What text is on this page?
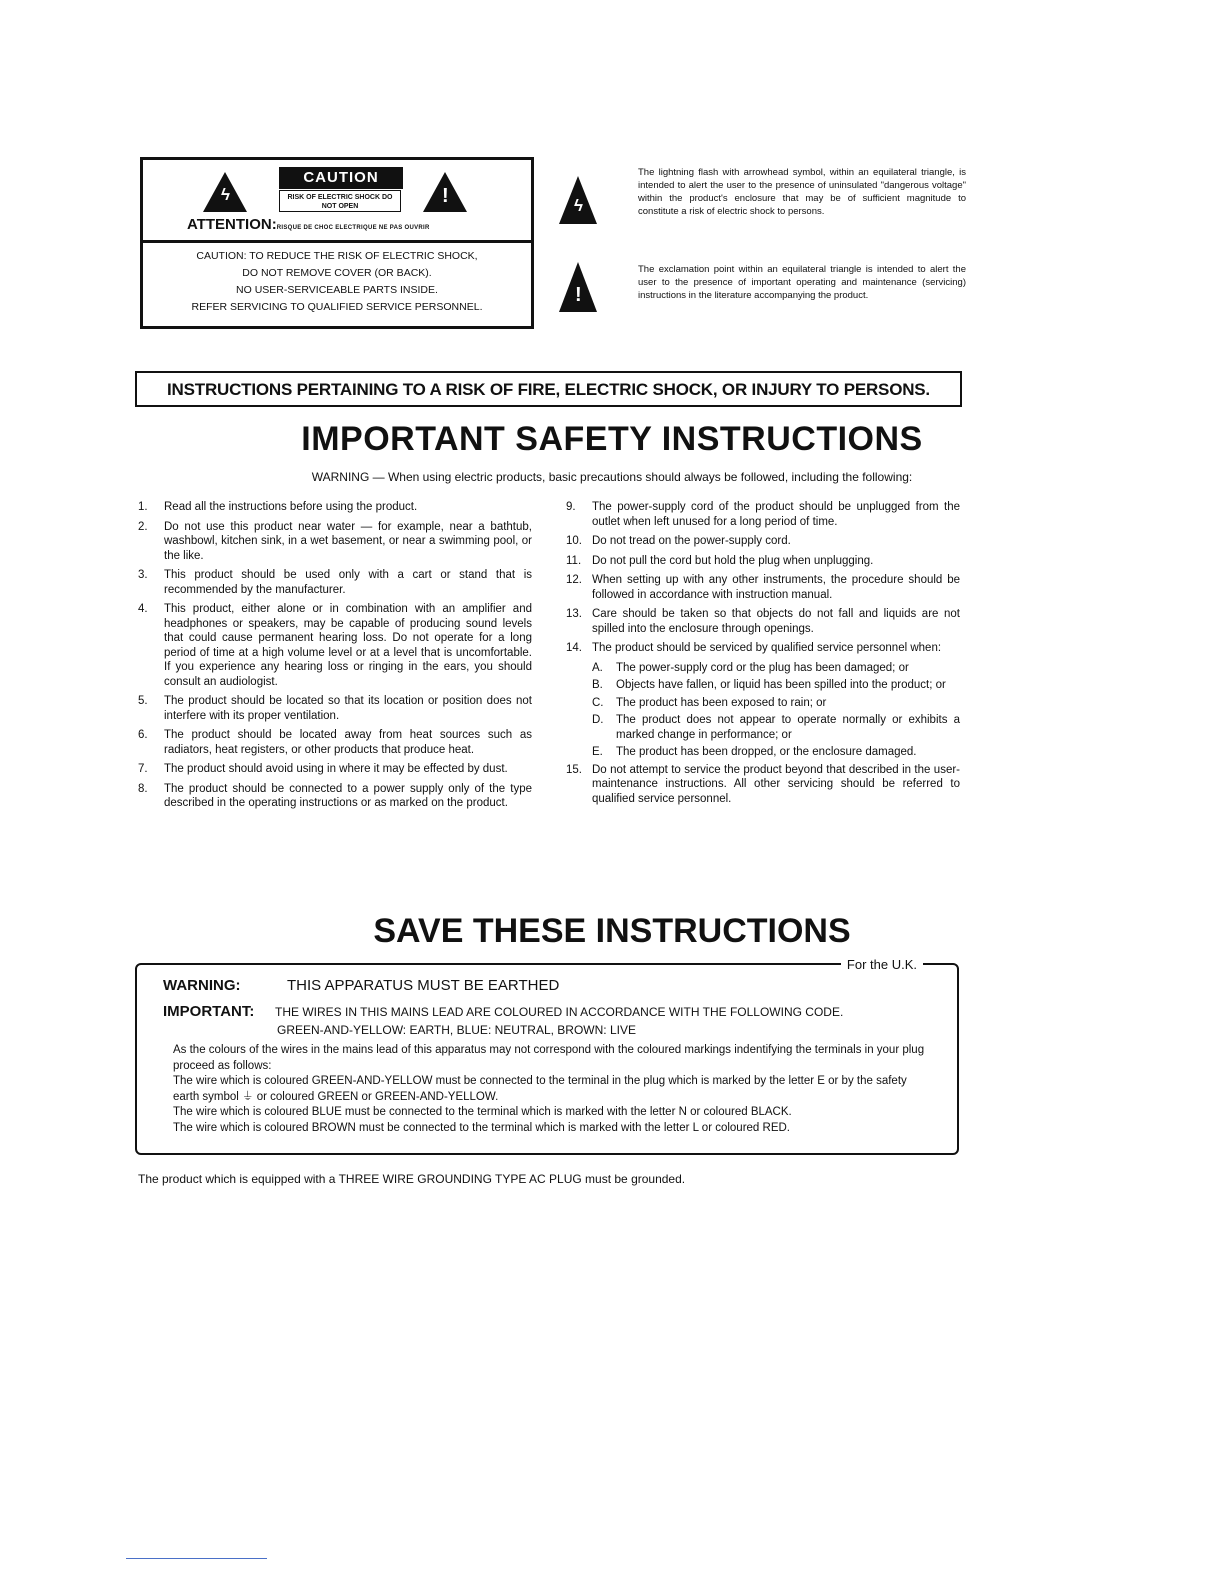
ϟ
CAUTION
RISK OF ELECTRIC SHOCK DO NOT OPEN	!
ATTENTION:RISQUE DE CHOC ELECTRIQUE NE PAS OUVRIR
CAUTION: TO REDUCE THE RISK OF ELECTRIC SHOCK,
DO NOT REMOVE COVER (OR BACK).
NO USER-SERVICEABLE PARTS INSIDE.
REFER SERVICING TO QUALIFIED SERVICE PERSONNEL.
ϟ
The lightning flash with arrowhead symbol, within an equilateral triangle, is intended to alert the user to the presence of uninsulated "dangerous voltage" within the product's enclosure that may be of sufficient magnitude to constitute a risk of electric shock to persons.
!
The exclamation point within an equilateral triangle is intended to alert the user to the presence of important operating and maintenance (servicing) instructions in the literature accompanying the product.
INSTRUCTIONS PERTAINING TO A RISK OF FIRE, ELECTRIC SHOCK, OR INJURY TO PERSONS.
IMPORTANT SAFETY INSTRUCTIONS
WARNING — When using electric products, basic precautions should always be followed, including the following:
1. Read all the instructions before using the product.
2. Do not use this product near water — for example, near a bathtub, washbowl, kitchen sink, in a wet basement, or near a swimming pool, or the like.
3. This product should be used only with a cart or stand that is recommended by the manufacturer.
4. This product, either alone or in combination with an amplifier and headphones or speakers, may be capable of producing sound levels that could cause permanent hearing loss. Do not operate for a long period of time at a high volume level or at a level that is uncomfortable. If you experience any hearing loss or ringing in the ears, you should consult an audiologist.
5. The product should be located so that its location or position does not interfere with its proper ventilation.
6. The product should be located away from heat sources such as radiators, heat registers, or other products that produce heat.
7. The product should avoid using in where it may be effected by dust.
8. The product should be connected to a power supply only of the type described in the operating instructions or as marked on the product.
9. The power-supply cord of the product should be unplugged from the outlet when left unused for a long period of time.
10. Do not tread on the power-supply cord.
11. Do not pull the cord but hold the plug when unplugging.
12. When setting up with any other instruments, the procedure should be followed in accordance with instruction manual.
13. Care should be taken so that objects do not fall and liquids are not spilled into the enclosure through openings.
14. The product should be serviced by qualified service personnel when:
A. The power-supply cord or the plug has been damaged; or
B. Objects have fallen, or liquid has been spilled into the product; or
C. The product has been exposed to rain; or
D. The product does not appear to operate normally or exhibits a marked change in performance; or
E. The product has been dropped, or the enclosure damaged.
15. Do not attempt to service the product beyond that described in the user-maintenance instructions. All other servicing should be referred to qualified service personnel.
SAVE THESE INSTRUCTIONS
For the U.K.
WARNING:	THIS APPARATUS MUST BE EARTHED
IMPORTANT: THE WIRES IN THIS MAINS LEAD ARE COLOURED IN ACCORDANCE WITH THE FOLLOWING CODE.
GREEN-AND-YELLOW: EARTH, BLUE: NEUTRAL, BROWN: LIVE

As the colours of the wires in the mains lead of this apparatus may not correspond with the coloured markings indentifying the terminals in your plug proceed as follows:

The wire which is coloured GREEN-AND-YELLOW must be connected to the terminal in the plug which is marked by the letter E or by the safety earth symbol ⏚ or coloured GREEN or GREEN-AND-YELLOW.

The wire which is coloured BLUE must be connected to the terminal which is marked with the letter N or coloured BLACK.

The wire which is coloured BROWN must be connected to the terminal which is marked with the letter L or coloured RED.

The product which is equipped with a THREE WIRE GROUNDING TYPE AC PLUG must be grounded.
